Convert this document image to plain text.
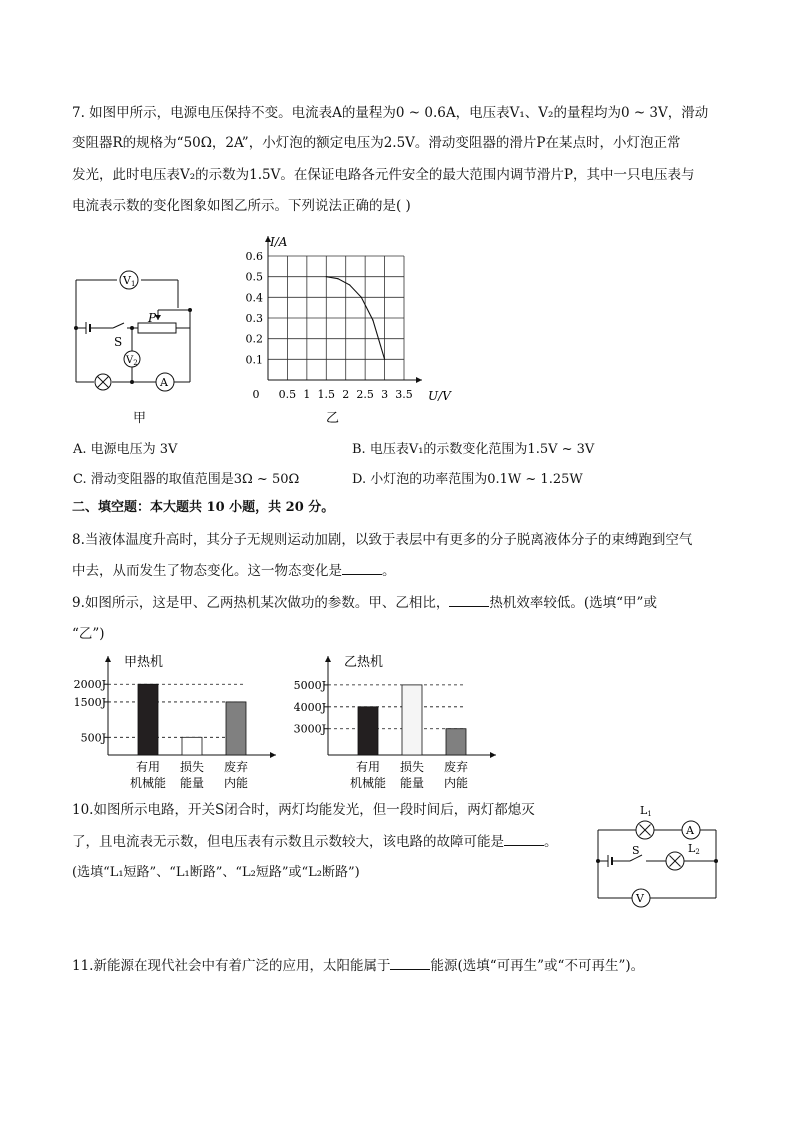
7. 如图甲所示，电源电压保持不变。电流表A的量程为0 ~ 0.6A，电压表V₁、V₂的量程均为0 ~ 3V，滑动
变阻器R的规格为“50Ω，2A”，小灯泡的额定电压为2.5V。滑动变阻器的滑片P在某点时，小灯泡正常
发光，此时电压表V₂的示数为1.5V。在保证电路各元件安全的最大范围内调节滑片P，其中一只电压表与
电流表示数的变化图象如图乙所示。下列说法正确的是( )
V1
$V_2$
A
P
S
甲
0.1
0.2
0.3
0.4
0.5
0.6
0 0.5 1 1.5 2 2.5 3 3.5 U/V
I/A
乙
A. 电源电压为 3V	B. 电压表V₁的示数变化范围为1.5V ~ 3V
C. 滑动变阻器的取值范围是3Ω ~ 50Ω	D. 小灯泡的功率范围为0.1W ~ 1.25W
二、填空题：本大题共 10 小题，共 20 分。
8.当液体温度升高时，其分子无规则运动加剧，以致于表层中有更多的分子脱离液体分子的束缚跑到空气
中去，从而发生了物态变化。这一物态变化是	。
9.如图所示，这是甲、乙两热机某次做功的参数。甲、乙相比，	热机效率较低。(选填“甲”或
“乙”)
甲热机
2000J
1500J
500J
有用
机械能
损失
能量
废弃
内能
乙热机
5000J
4000J
3000J
有用
机械能
损失
能量
废弃
内能
10.如图所示电路，开关S闭合时，两灯均能发光，但一段时间后，两灯都熄灭
了，且电流表无示数，但电压表有示数且示数较大，该电路的故障可能是	。
(选填“L₁短路”、“L₁断路”、“L₂短路”或“L₂断路”)
L1
L2
A
V
S
11.新能源在现代社会中有着广泛的应用，太阳能属于	能源(选填“可再生”或“不可再生”)。
